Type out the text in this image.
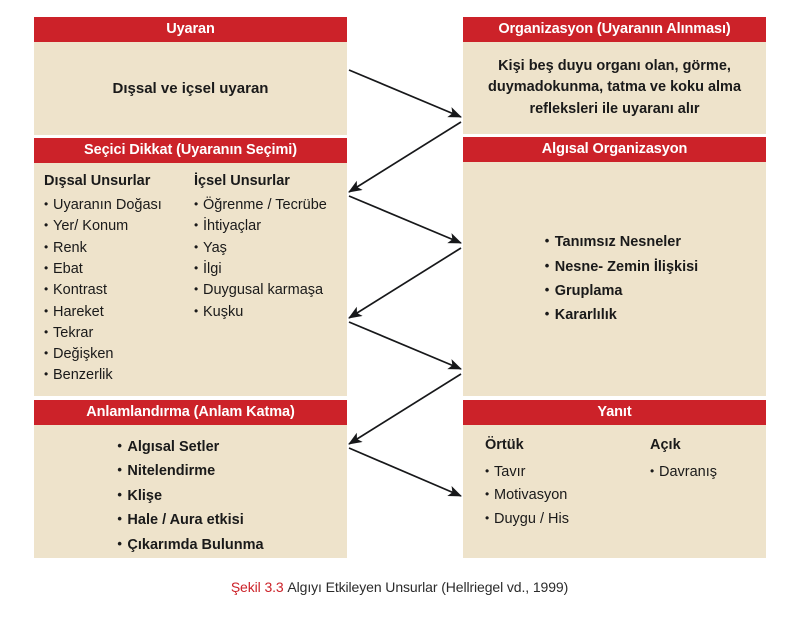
Uyaran
Dışsal ve içsel uyaran
Seçici Dikkat (Uyaranın Seçimi)
Dışsal Unsurlar
• Uyaranın Doğası
• Yer/ Konum
• Renk
• Ebat
• Kontrast
• Hareket
• Tekrar
• Değişken
• Benzerlik
İçsel Unsurlar
• Öğrenme / Tecrübe
• İhtiyaçlar
• Yaş
• İlgi
• Duygusal karmaşa
• Kuşku
Anlamlandırma (Anlam Katma)
• Algısal Setler
• Nitelendirme
• Klişe
• Hale / Aura etkisi
• Çıkarımda Bulunma
Organizasyon (Uyaranın Alınması)
Kişi beş duyu organı olan, görme, duymadokunma, tatma ve koku alma refleksleri ile uyaranı alır
Algısal Organizasyon
• Tanımsız Nesneler
• Nesne- Zemin İlişkisi
• Gruplama
• Kararlılık
Yanıt
Örtük
• Tavır
• Motivasyon
• Duygu / His
Açık
• Davranış
Şekil 3.3 Algıyı Etkileyen Unsurlar (Hellriegel vd., 1999)
